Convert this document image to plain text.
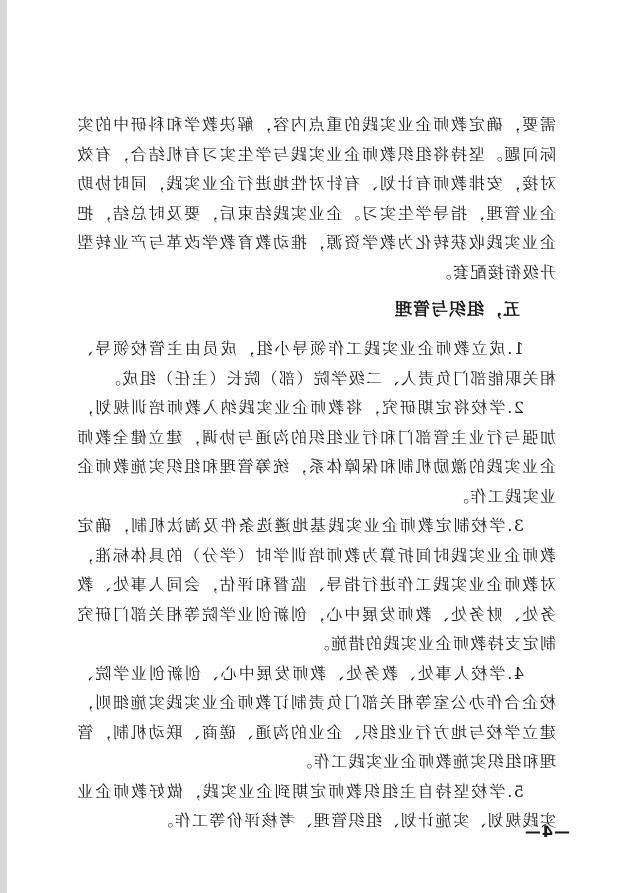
需要，确定教师企业实践的重点内容，解决教学和科研中的实际问题。坚持将组织教师企业实践与学生实习有机结合，有效对接，安排教师有计划、有针对性地进行企业实践，同时协助企业管理，指导学生实习。企业实践结束后，要及时总结，把企业实践收获转化为教学资源，推动教育教学改革与产业转型升级衔接配套。

五，组织与管理

1.成立教师企业实践工作领导小组，成员由主管校领导、相关职能部门负责人、二级学院（部）院长（主任）组成。

2.学校将定期研究，将教师企业实践纳入教师培训规划，加强与行业主管部门和行业组织的沟通与协调，建立健全教师企业实践的激励机制和保障体系，统筹管理和组织实施教师企业实践工作。

3.学校制定教师企业实践基地遴选条件及淘汰机制，确定教师企业实践时间折算为教师培训学时（学分）的具体标准，对教师企业实践工作进行指导、监督和评估，会同人事处、教务处、财务处、教师发展中心，创新创业学院等相关部门研究制定支持教师企业实践的措施。

4.学校人事处、教务处、教师发展中心、创新创业学院、校企合作办公室等相关部门负责制订教师企业实践实施细则，建立学校与地方行业组织、企业的沟通、磋商、联动机制，管理和组织实施教师企业实践工作。

5.学校坚持自主组织教师定期到企业实践，做好教师企业实践规划、实施计划、组织管理、考核评价等工作。

—4—
